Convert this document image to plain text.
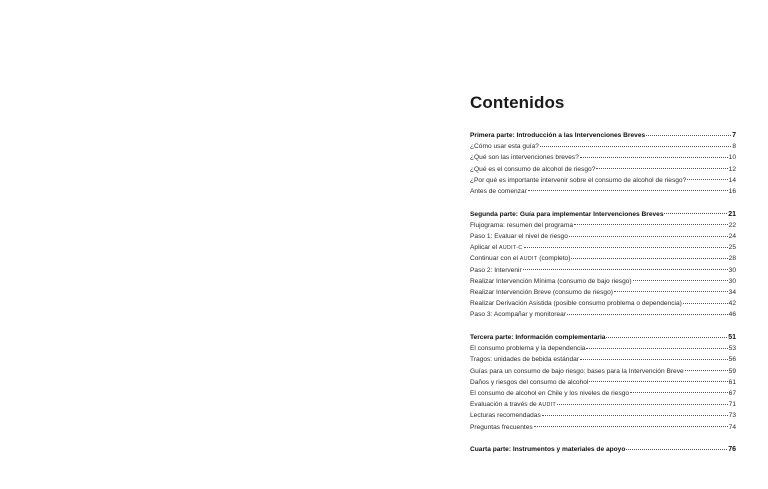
Contenidos
Primera parte: Introducción a las Intervenciones Breves	7
¿Cómo usar esta guía?	8
¿Qué son las intervenciones breves?	10
¿Qué es el consumo de alcohol de riesgo?	12
¿Por qué es importante intervenir sobre el consumo de alcohol de riesgo?	14
Antes de comenzar	16
Segunda parte: Guía para implementar Intervenciones Breves	21
Flujograma: resumen del programa	22
Paso 1: Evaluar el nivel de riesgo	24
Aplicar el AUDIT-C	25
Continuar con el AUDIT (completo)	28
Paso 2: Intervenir	30
Realizar Intervención Mínima (consumo de bajo riesgo)	30
Realizar Intervención Breve (consumo de riesgo)	34
Realizar Derivación Asistida (posible consumo problema o dependencia)	42
Paso 3: Acompañar y monitorear	46
Tercera parte: Información complementaria	51
El consumo problema y la dependencia	53
Tragos: unidades de bebida estándar	56
Guías para un consumo de bajo riesgo: bases para la Intervención Breve	59
Daños y riesgos del consumo de alcohol	61
El consumo de alcohol en Chile y los niveles de riesgo	67
Evaluación a través de AUDIT	71
Lecturas recomendadas	73
Preguntas frecuentes	74
Cuarta parte: Instrumentos y materiales de apoyo	76
